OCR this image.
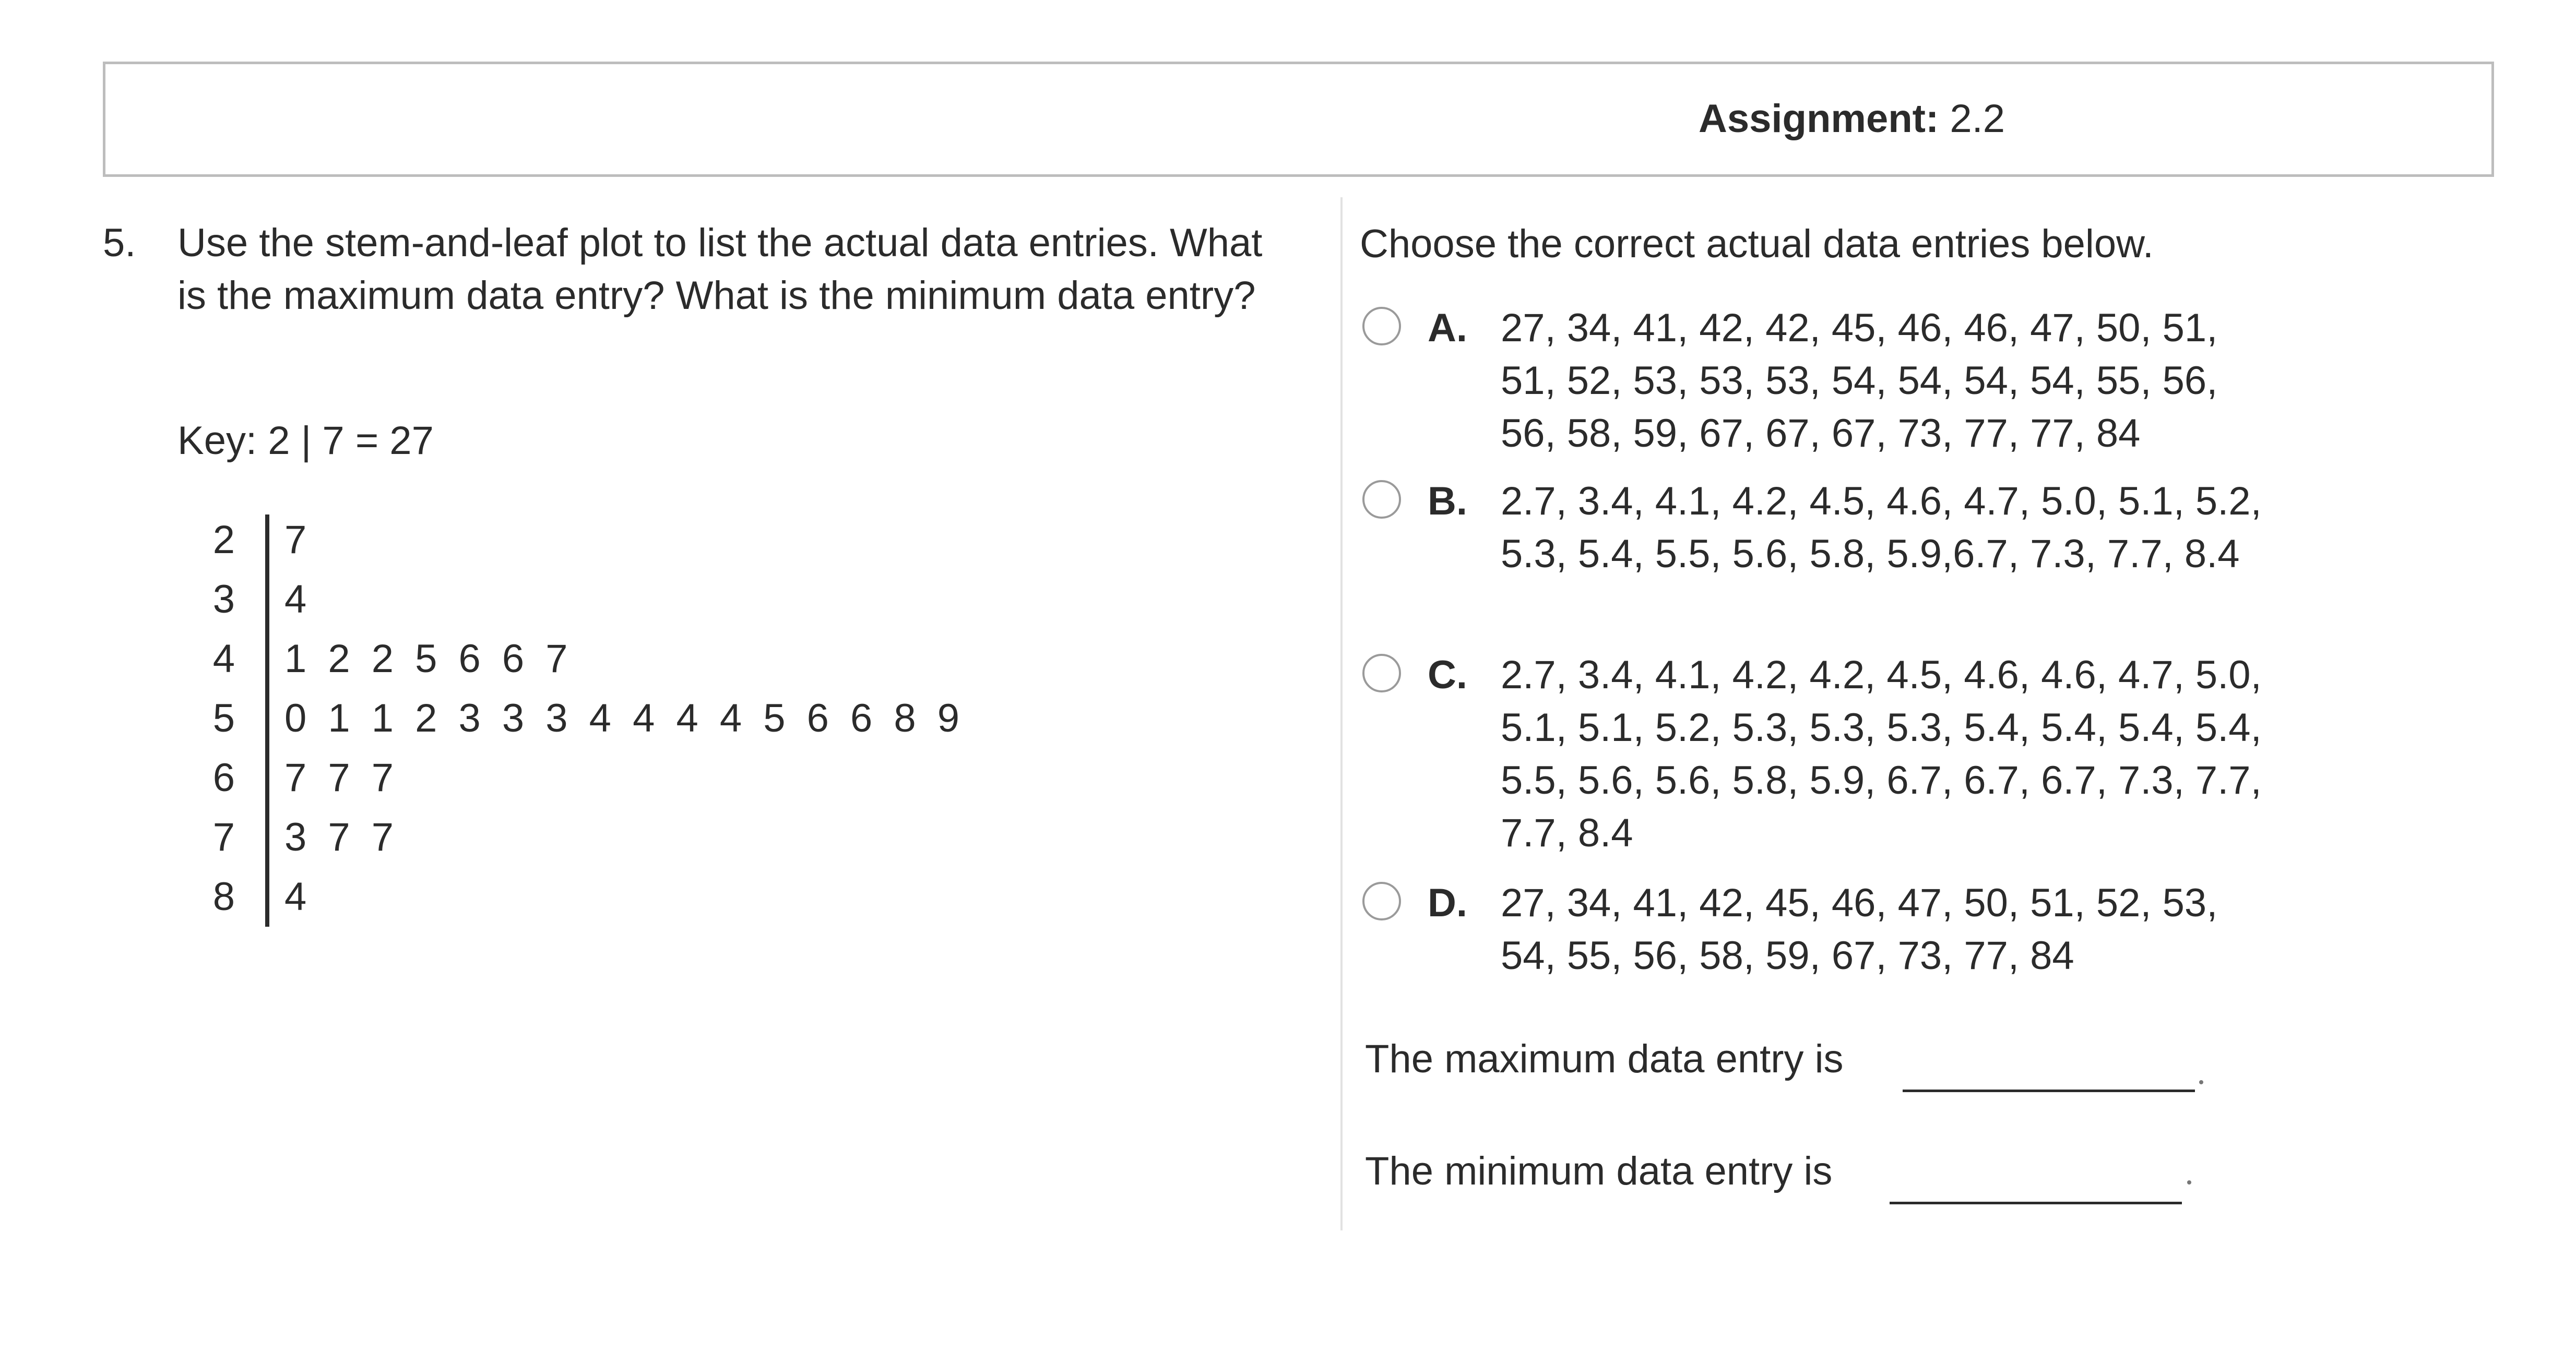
Assignment: 2.2
5. Use the stem-and-leaf plot to list the actual data entries. What is the maximum data entry? What is the minimum data entry?
Key: 2 | 7 = 27
2 7
3 4
4 1 2 2 5 6 6 7
5 0 1 1 2 3 3 3 4 4 4 4 5 6 6 8 9
6 7 7 7
7 3 7 7
8 4
Choose the correct actual data entries below.
A. 27, 34, 41, 42, 42, 45, 46, 46, 47, 50, 51, 51, 52, 53, 53, 53, 54, 54, 54, 54, 55, 56, 56, 58, 59, 67, 67, 67, 73, 77, 77, 84
B. 2.7, 3.4, 4.1, 4.2, 4.5, 4.6, 4.7, 5.0, 5.1, 5.2, 5.3, 5.4, 5.5, 5.6, 5.8, 5.9,6.7, 7.3, 7.7, 8.4
C. 2.7, 3.4, 4.1, 4.2, 4.2, 4.5, 4.6, 4.6, 4.7, 5.0, 5.1, 5.1, 5.2, 5.3, 5.3, 5.3, 5.4, 5.4, 5.4, 5.4, 5.5, 5.6, 5.6, 5.8, 5.9, 6.7, 6.7, 6.7, 7.3, 7.7, 7.7, 8.4
D. 27, 34, 41, 42, 45, 46, 47, 50, 51, 52, 53, 54, 55, 56, 58, 59, 67, 73, 77, 84
The maximum data entry is
The minimum data entry is
